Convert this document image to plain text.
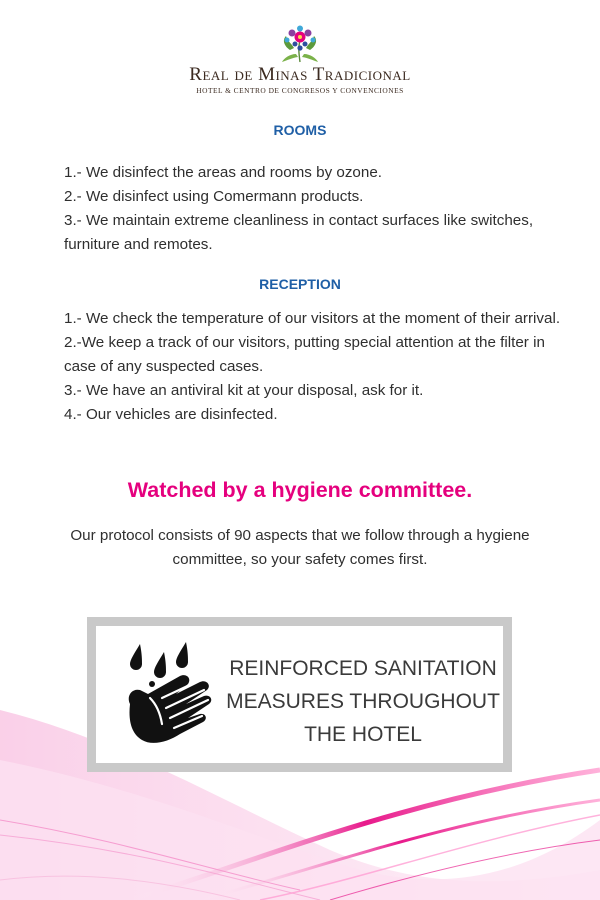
Real de Minas Tradicional
HOTEL & CENTRO DE CONGRESOS Y CONVENCIONES
ROOMS

1.- We disinfect the areas and rooms by ozone.

2.- We disinfect using Comermann products.

3.- We maintain extreme cleanliness in contact surfaces like switches, furniture and remotes.

RECEPTION

1.- We check the temperature of our visitors at the moment of their arrival.

2.-We keep a track of our visitors, putting special attention at the filter in case of any suspected cases.

3.- We have an antiviral kit at your disposal, ask for it.

4.- Our vehicles are disinfected.

Watched by a hygiene committee.
Our protocol consists of 90 aspects that we follow through a hygiene committee, so your safety comes first.
REINFORCED SANITATION MEASURES THROUGHOUT THE HOTEL
